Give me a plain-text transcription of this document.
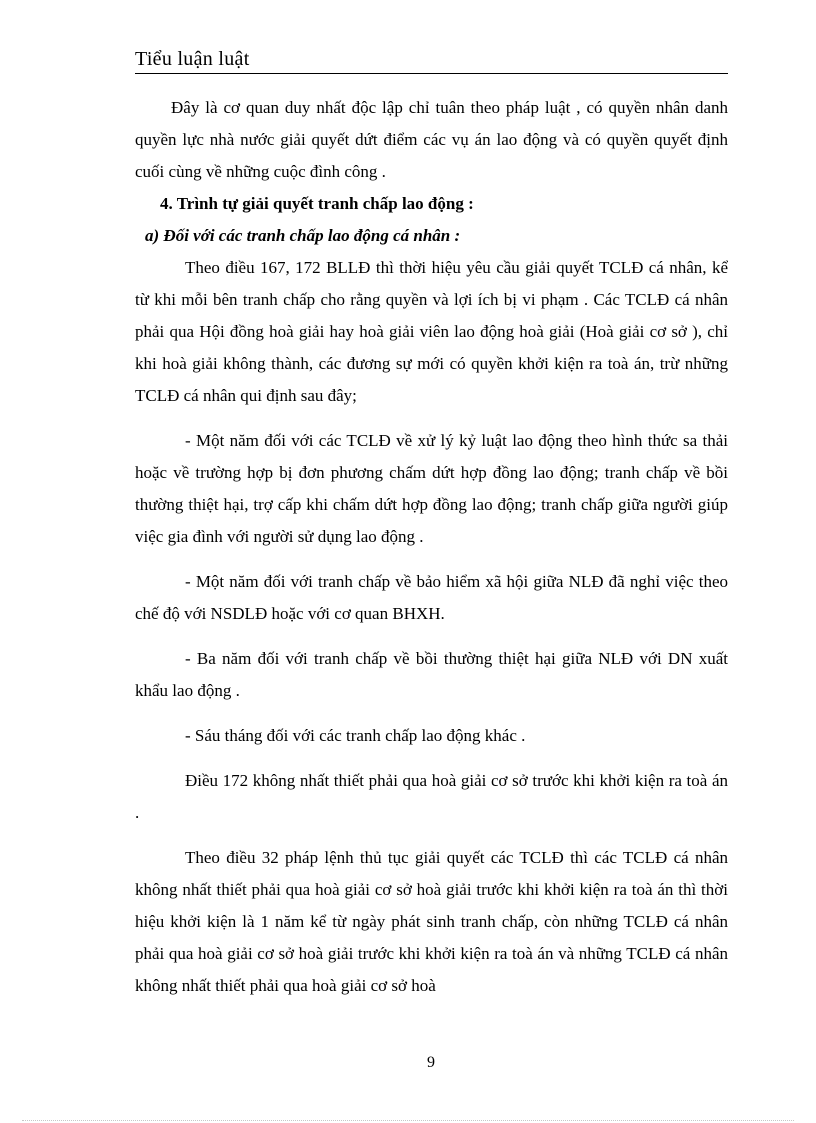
Tiểu luận luật

Đây là cơ quan duy nhất độc lập chỉ tuân theo pháp luật , có quyền nhân danh quyền lực nhà nước giải quyết dứt điểm các vụ án lao động và có quyền quyết định cuối cùng về những cuộc đình công .

4. Trình tự giải quyết tranh chấp lao động :

a) Đối với các tranh chấp lao động cá nhân :

Theo điều 167, 172 BLLĐ thì thời hiệu yêu cầu giải quyết TCLĐ cá nhân, kể từ khi mỗi bên tranh chấp cho rằng quyền và lợi ích bị vi phạm . Các TCLĐ cá nhân phải qua Hội đồng hoà giải hay hoà giải viên lao động hoà giải (Hoà giải cơ sở ), chỉ khi hoà giải không thành, các đương sự mới có quyền khởi kiện ra toà án, trừ những TCLĐ cá nhân qui định sau đây;

- Một năm đối với các TCLĐ về xử lý kỷ luật lao động theo hình thức sa thải hoặc về trường hợp bị đơn phương chấm dứt hợp đồng lao động; tranh chấp về bồi thường thiệt hại, trợ cấp khi chấm dứt hợp đồng lao động; tranh chấp giữa người giúp việc gia đình với người sử dụng lao động .

- Một năm đối với tranh chấp về bảo hiểm xã hội giữa NLĐ đã nghỉ việc theo chế độ với NSDLĐ hoặc với cơ quan BHXH.

- Ba năm đối với tranh chấp về bồi thường thiệt hại giữa NLĐ với DN xuất khẩu lao động .

- Sáu tháng đối với các tranh chấp lao động khác .

Điều 172 không nhất thiết phải qua hoà giải cơ sở trước khi khởi kiện ra toà án .

Theo điều 32 pháp lệnh thủ tục giải quyết các TCLĐ thì các TCLĐ cá nhân không nhất thiết phải qua hoà giải cơ sở hoà giải trước khi khởi kiện ra toà án thì thời hiệu khởi kiện là 1 năm kể từ ngày phát sinh tranh chấp, còn những TCLĐ cá nhân phải qua hoà giải cơ sở hoà giải trước khi khởi kiện ra toà án và những TCLĐ cá nhân không nhất thiết phải qua hoà giải cơ sở hoà

9
